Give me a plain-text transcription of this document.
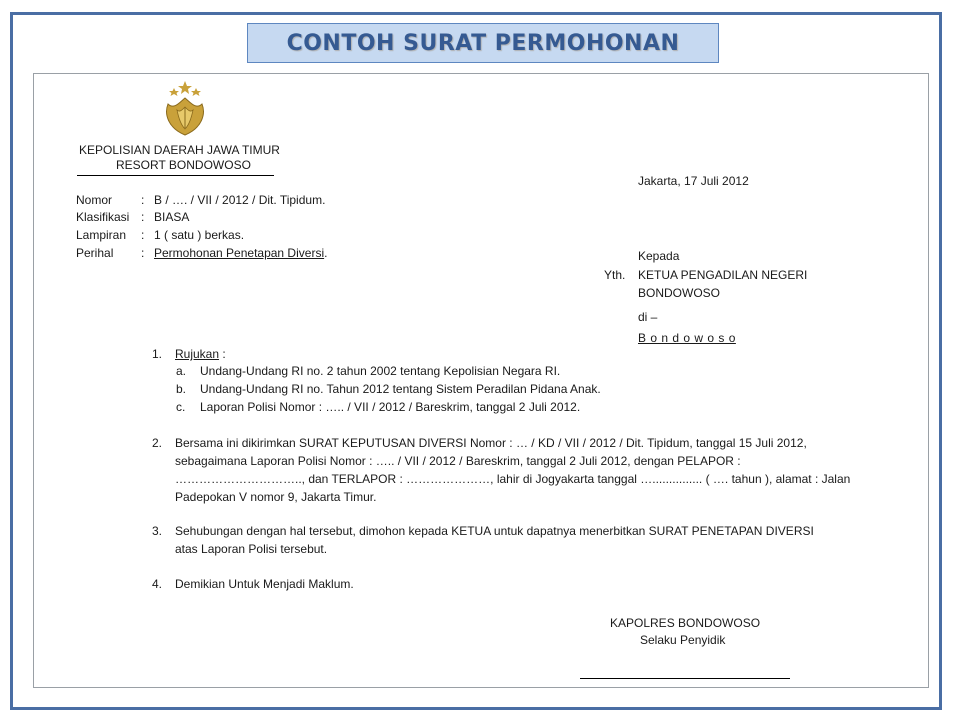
CONTOH SURAT PERMOHONAN
KEPOLISIAN DAERAH JAWA TIMUR
RESORT BONDOWOSO
Jakarta, 17 Juli 2012
Nomor : B / …. / VII / 2012 / Dit. Tipidum.
Klasifikasi : BIASA
Lampiran : 1 ( satu ) berkas.
Perihal : Permohonan Penetapan Diversi.	Kepada
Yth. KETUA PENGADILAN NEGERI
BONDOWOSO
di –
B o n d o w o s o
1. Rujukan :
a. Undang-Undang RI no. 2 tahun 2002 tentang Kepolisian Negara RI.
b. Undang-Undang RI no. Tahun 2012 tentang Sistem Peradilan Pidana Anak.
c. Laporan Polisi Nomor : ….. / VII / 2012 / Bareskrim, tanggal 2 Juli 2012.
2. Bersama ini dikirimkan SURAT KEPUTUSAN DIVERSI Nomor : … / KD / VII / 2012 / Dit. Tipidum, tanggal 15 Juli 2012,
sebagaimana Laporan Polisi Nomor : ….. / VII / 2012 / Bareskrim, tanggal 2 Juli 2012, dengan PELAPOR :
………………………….., dan TERLAPOR : …………………, lahir di Jogyakarta tanggal …............... ( …. tahun ), alamat : Jalan
Padepokan V nomor 9, Jakarta Timur.
3. Sehubungan dengan hal tersebut, dimohon kepada KETUA untuk dapatnya menerbitkan SURAT PENETAPAN DIVERSI
atas Laporan Polisi tersebut.
4. Demikian Untuk Menjadi Maklum.
KAPOLRES BONDOWOSO
Selaku Penyidik
